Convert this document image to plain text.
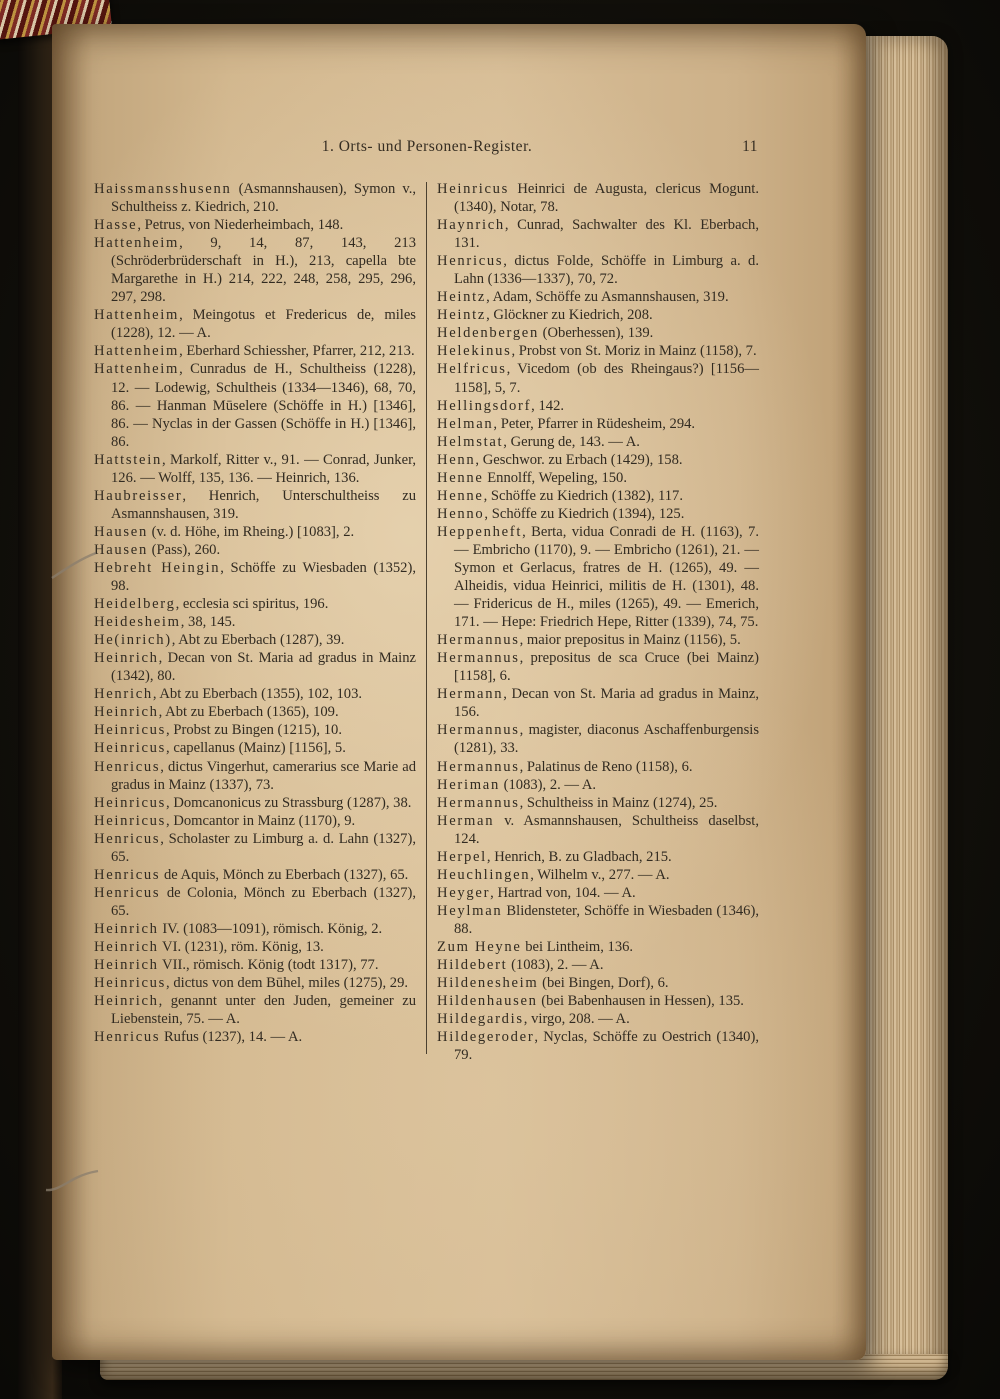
1. Orts- und Personen-Register.	11

Haissmansshusenn (Asmannshausen), Symon v., Schultheiss z. Kiedrich, 210.

Hasse, Petrus, von Niederheimbach, 148.

Hattenheim, 9, 14, 87, 143, 213 (Schröderbrüderschaft in H.), 213, capella bte Margarethe in H.) 214, 222, 248, 258, 295, 296, 297, 298.

Hattenheim, Meingotus et Fredericus de, miles (1228), 12. — A.

Hattenheim, Eberhard Schiessher, Pfarrer, 212, 213.

Hattenheim, Cunradus de H., Schultheiss (1228), 12. — Lodewig, Schultheis (1334—1346), 68, 70, 86. — Hanman Mūselere (Schöffe in H.) [1346], 86. — Nyclas in der Gassen (Schöffe in H.) [1346], 86.

Hattstein, Markolf, Ritter v., 91. — Conrad, Junker, 126. — Wolff, 135, 136. — Heinrich, 136.

Haubreisser, Henrich, Unterschultheiss zu Asmannshausen, 319.

Hausen (v. d. Höhe, im Rheing.) [1083], 2.

Hausen (Pass), 260.

Hebreht Heingin, Schöffe zu Wiesbaden (1352), 98.

Heidelberg, ecclesia sci spiritus, 196.

Heidesheim, 38, 145.

He(inrich), Abt zu Eberbach (1287), 39.

Heinrich, Decan von St. Maria ad gradus in Mainz (1342), 80.

Henrich, Abt zu Eberbach (1355), 102, 103.

Heinrich, Abt zu Eberbach (1365), 109.

Heinricus, Probst zu Bingen (1215), 10.

Heinricus, capellanus (Mainz) [1156], 5.

Henricus, dictus Vingerhut, camerarius sce Marie ad gradus in Mainz (1337), 73.

Heinricus, Domcanonicus zu Strassburg (1287), 38.

Heinricus, Domcantor in Mainz (1170), 9.

Henricus, Scholaster zu Limburg a. d. Lahn (1327), 65.

Henricus de Aquis, Mönch zu Eberbach (1327), 65.

Henricus de Colonia, Mönch zu Eberbach (1327), 65.

Heinrich IV. (1083—1091), römisch. König, 2.

Heinrich VI. (1231), röm. König, 13.

Heinrich VII., römisch. König (todt 1317), 77.

Heinricus, dictus von dem Būhel, miles (1275), 29.

Heinrich, genannt unter den Juden, gemeiner zu Liebenstein, 75. — A.

Henricus Rufus (1237), 14. — A.

Heinricus Heinrici de Augusta, clericus Mogunt. (1340), Notar, 78.

Haynrich, Cunrad, Sachwalter des Kl. Eberbach, 131.

Henricus, dictus Folde, Schöffe in Limburg a. d. Lahn (1336—1337), 70, 72.

Heintz, Adam, Schöffe zu Asmannshausen, 319.

Heintz, Glöckner zu Kiedrich, 208.

Heldenbergen (Oberhessen), 139.

Helekinus, Probst von St. Moriz in Mainz (1158), 7.

Helfricus, Vicedom (ob des Rheingaus?) [1156—1158], 5, 7.

Hellingsdorf, 142.

Helman, Peter, Pfarrer in Rüdesheim, 294.

Helmstat, Gerung de, 143. — A.

Henn, Geschwor. zu Erbach (1429), 158.

Henne Ennolff, Wepeling, 150.

Henne, Schöffe zu Kiedrich (1382), 117.

Henno, Schöffe zu Kiedrich (1394), 125.

Heppenheft, Berta, vidua Conradi de H. (1163), 7. — Embricho (1170), 9. — Embricho (1261), 21. — Symon et Gerlacus, fratres de H. (1265), 49. — Alheidis, vidua Heinrici, militis de H. (1301), 48. — Fridericus de H., miles (1265), 49. — Emerich, 171. — Hepe: Friedrich Hepe, Ritter (1339), 74, 75.

Hermannus, maior prepositus in Mainz (1156), 5.

Hermannus, prepositus de sca Cruce (bei Mainz) [1158], 6.

Hermann, Decan von St. Maria ad gradus in Mainz, 156.

Hermannus, magister, diaconus Aschaffenburgensis (1281), 33.

Hermannus, Palatinus de Reno (1158), 6.

Heriman (1083), 2. — A.

Hermannus, Schultheiss in Mainz (1274), 25.

Herman v. Asmannshausen, Schultheiss daselbst, 124.

Herpel, Henrich, B. zu Gladbach, 215.

Heuchlingen, Wilhelm v., 277. — A.

Heyger, Hartrad von, 104. — A.

Heylman Blidensteter, Schöffe in Wiesbaden (1346), 88.

Zum Heyne bei Lintheim, 136.

Hildebert (1083), 2. — A.

Hildenesheim (bei Bingen, Dorf), 6.

Hildenhausen (bei Babenhausen in Hessen), 135.

Hildegardis, virgo, 208. — A.

Hildegeroder, Nyclas, Schöffe zu Oestrich (1340), 79.
